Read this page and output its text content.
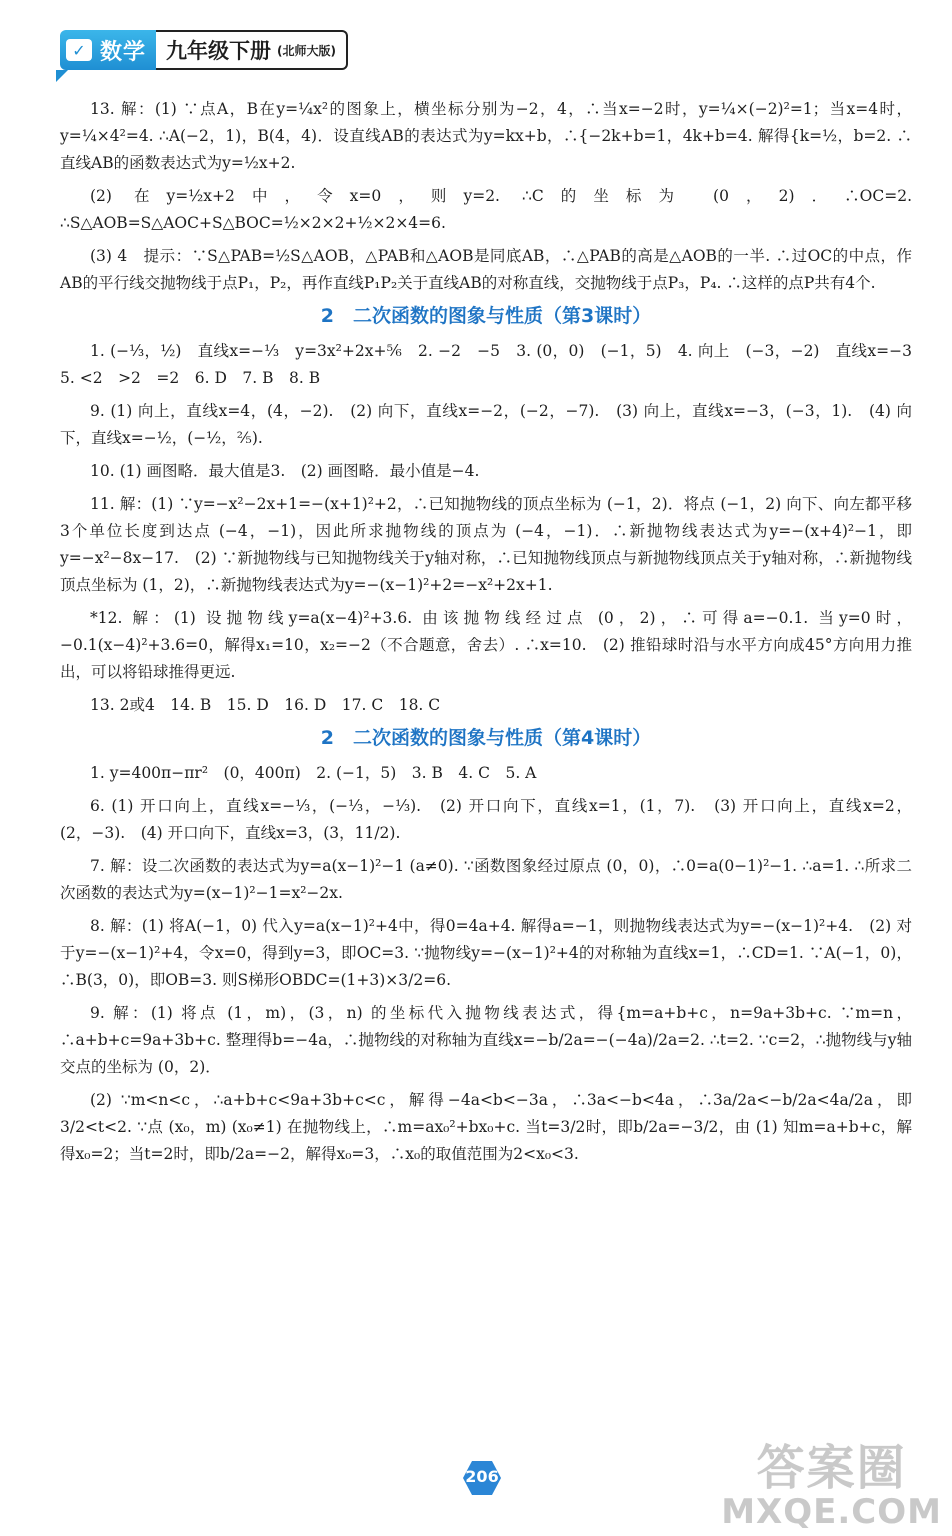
✓ 数学 九年级下册 (北师大版)

13. 解：(1) ∵点A，B在y=¼x²的图象上，横坐标分别为−2，4，∴当x=−2时，y=¼×(−2)²=1；当x=4时，y=¼×4²=4. ∴A(−2，1)，B(4，4)．设直线AB的表达式为y=kx+b，∴{−2k+b=1，4k+b=4. 解得{k=½，b=2. ∴直线AB的函数表达式为y=½x+2.

(2) 在y=½x+2中，令x=0，则y=2. ∴C的坐标为 (0，2)．∴OC=2. ∴S△AOB=S△AOC+S△BOC=½×2×2+½×2×4=6.

(3) 4　提示：∵S△PAB=½S△AOB，△PAB和△AOB是同底AB，∴△PAB的高是△AOB的一半. ∴过OC的中点，作AB的平行线交抛物线于点P₁，P₂，再作直线P₁P₂关于直线AB的对称直线，交抛物线于点P₃，P₄. ∴这样的点P共有4个.

2　二次函数的图象与性质（第3课时）

1. (−⅓，½)　直线x=−⅓　y=3x²+2x+⅚　2. −2　−5　3. (0，0)　(−1，5)　4. 向上　(−3，−2)　直线x=−3　5. <2　>2　=2　6. D　7. B　8. B

9. (1) 向上，直线x=4，(4，−2).　(2) 向下，直线x=−2，(−2，−7).　(3) 向上，直线x=−3，(−3，1).　(4) 向下，直线x=−½，(−½，⅖).

10. (1) 画图略．最大值是3.　(2) 画图略．最小值是−4.

11. 解：(1) ∵y=−x²−2x+1=−(x+1)²+2，∴已知抛物线的顶点坐标为 (−1，2)．将点 (−1，2) 向下、向左都平移3个单位长度到达点 (−4，−1)，因此所求抛物线的顶点为 (−4，−1)．∴新抛物线表达式为y=−(x+4)²−1，即y=−x²−8x−17.　(2) ∵新抛物线与已知抛物线关于y轴对称，∴已知抛物线顶点与新抛物线顶点关于y轴对称，∴新抛物线顶点坐标为 (1，2)，∴新抛物线表达式为y=−(x−1)²+2=−x²+2x+1.

*12. 解：(1) 设抛物线y=a(x−4)²+3.6. 由该抛物线经过点 (0，2)，∴可得a=−0.1. 当y=0时，−0.1(x−4)²+3.6=0，解得x₁=10，x₂=−2（不合题意，舍去）. ∴x=10.　(2) 推铅球时沿与水平方向成45°方向用力推出，可以将铅球推得更远.

13. 2或4　14. B　15. D　16. D　17. C　18. C

2　二次函数的图象与性质（第4课时）

1. y=400π−πr²　(0，400π)　2. (−1，5)　3. B　4. C　5. A

6. (1) 开口向上，直线x=−⅓，(−⅓，−⅓).　(2) 开口向下，直线x=1，(1，7).　(3) 开口向上，直线x=2，(2，−3).　(4) 开口向下，直线x=3，(3，11/2).

7. 解：设二次函数的表达式为y=a(x−1)²−1 (a≠0). ∵函数图象经过原点 (0，0)，∴0=a(0−1)²−1. ∴a=1. ∴所求二次函数的表达式为y=(x−1)²−1=x²−2x.

8. 解：(1) 将A(−1，0) 代入y=a(x−1)²+4中，得0=4a+4. 解得a=−1，则抛物线表达式为y=−(x−1)²+4.　(2) 对于y=−(x−1)²+4，令x=0，得到y=3，即OC=3. ∵抛物线y=−(x−1)²+4的对称轴为直线x=1，∴CD=1. ∵A(−1，0)，∴B(3，0)，即OB=3. 则S梯形OBDC=(1+3)×3/2=6.

9. 解：(1) 将点 (1，m)，(3，n) 的坐标代入抛物线表达式，得{m=a+b+c，n=9a+3b+c. ∵m=n，∴a+b+c=9a+3b+c. 整理得b=−4a，∴抛物线的对称轴为直线x=−b/2a=−(−4a)/2a=2. ∴t=2. ∵c=2，∴抛物线与y轴交点的坐标为 (0，2)．

(2) ∵m<n<c，∴a+b+c<9a+3b+c<c，解得−4a<b<−3a，∴3a<−b<4a，∴3a/2a<−b/2a<4a/2a，即3/2<t<2. ∵点 (x₀，m) (x₀≠1) 在抛物线上，∴m=ax₀²+bx₀+c. 当t=3/2时，即b/2a=−3/2，由 (1) 知m=a+b+c，解得x₀=2；当t=2时，即b/2a=−2，解得x₀=3，∴x₀的取值范围为2<x₀<3.

206	答案圈
MXQE.COM
